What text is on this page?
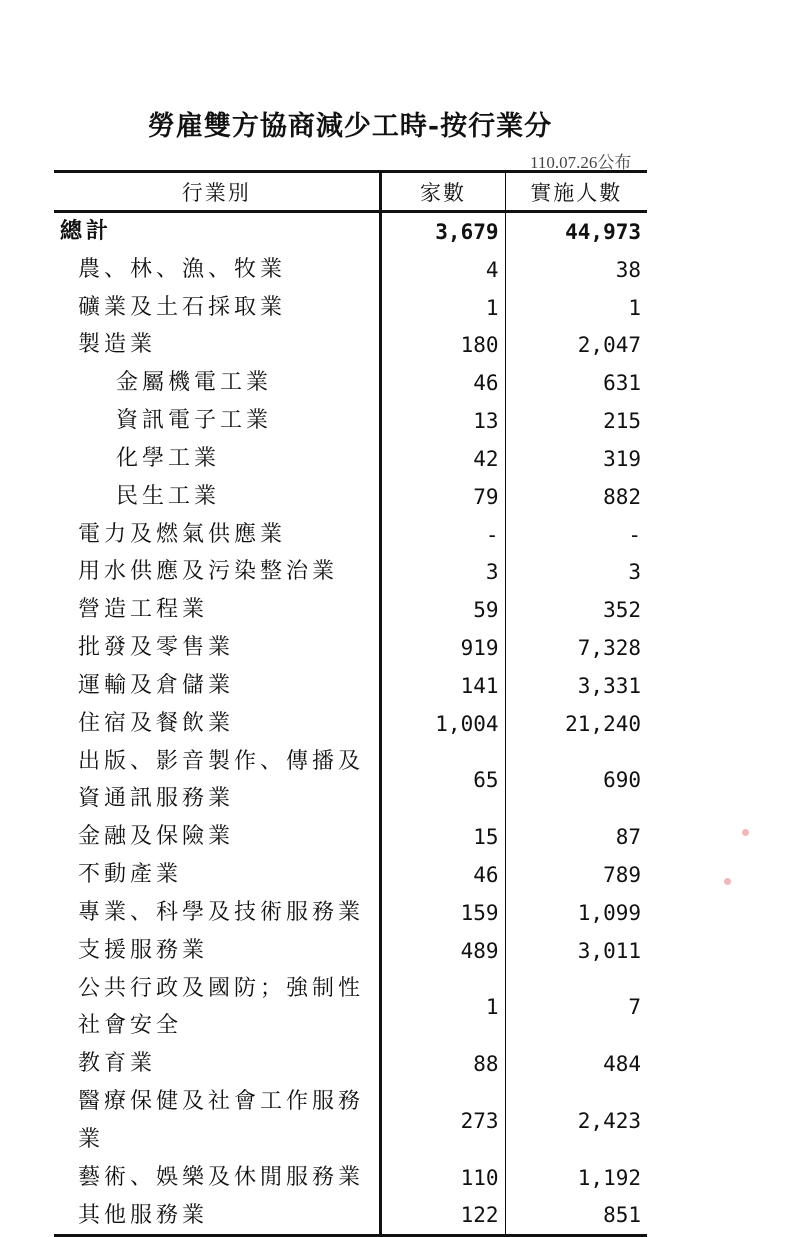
勞雇雙方協商減少工時-按行業分
110.07.26公布
行業別	家數	實施人數
總計	3,679	44,973
農、林、漁、牧業	4	38
礦業及土石採取業	1	1
製造業	180	2,047
金屬機電工業	46	631
資訊電子工業	13	215
化學工業	42	319
民生工業	79	882
電力及燃氣供應業	-	-
用水供應及污染整治業	3	3
營造工程業	59	352
批發及零售業	919	7,328
運輸及倉儲業	141	3,331
住宿及餐飲業	1,004	21,240
出版、影音製作、傳播及資通訊服務業	65	690
金融及保險業	15	87
不動產業	46	789
專業、科學及技術服務業	159	1,099
支援服務業	489	3,011
公共行政及國防；強制性社會安全	1	7
教育業	88	484
醫療保健及社會工作服務業	273	2,423
藝術、娛樂及休閒服務業	110	1,192
其他服務業	122	851
